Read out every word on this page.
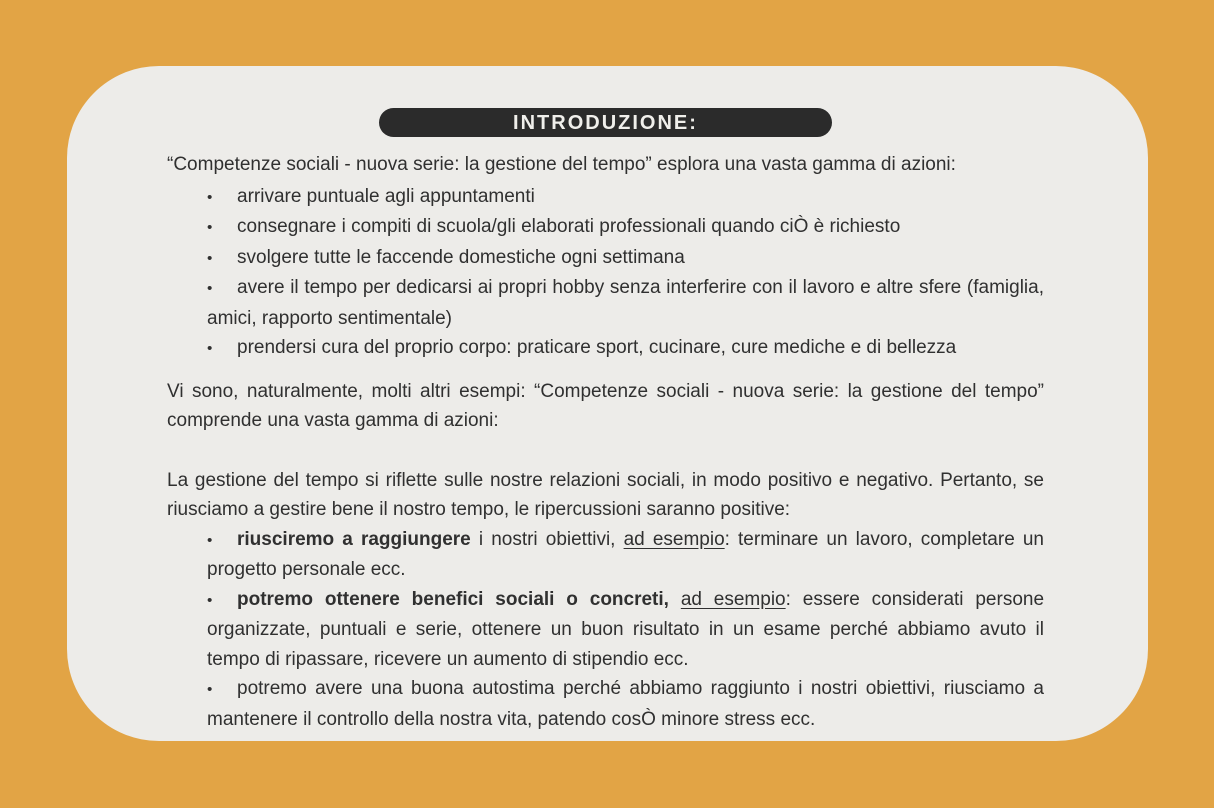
INTRODUZIONE:

“Competenze sociali - nuova serie: la gestione del tempo” esplora una vasta gamma di azioni:

• arrivare puntuale agli appuntamenti
• consegnare i compiti di scuola/gli elaborati professionali quando ciÒ è richiesto
• svolgere tutte le faccende domestiche ogni settimana
• avere il tempo per dedicarsi ai propri hobby senza interferire con il lavoro e altre sfere (famiglia, amici, rapporto sentimentale)
• prendersi cura del proprio corpo: praticare sport, cucinare, cure mediche e di bellezza

Vi sono, naturalmente, molti altri esempi: “Competenze sociali - nuova serie: la gestione del tempo” comprende una vasta gamma di azioni:

La gestione del tempo si riflette sulle nostre relazioni sociali, in modo positivo e negativo. Pertanto, se riusciamo a gestire bene il nostro tempo, le ripercussioni saranno positive:

• riusciremo a raggiungere i nostri obiettivi, ad esempio: terminare un lavoro, completare un progetto personale ecc.
• potremo ottenere benefici sociali o concreti, ad esempio: essere considerati persone organizzate, puntuali e serie, ottenere un buon risultato in un esame perché abbiamo avuto il tempo di ripassare, ricevere un aumento di stipendio ecc.
• potremo avere una buona autostima perché abbiamo raggiunto i nostri obiettivi, riusciamo a mantenere il controllo della nostra vita, patendo cosÒ minore stress ecc.
